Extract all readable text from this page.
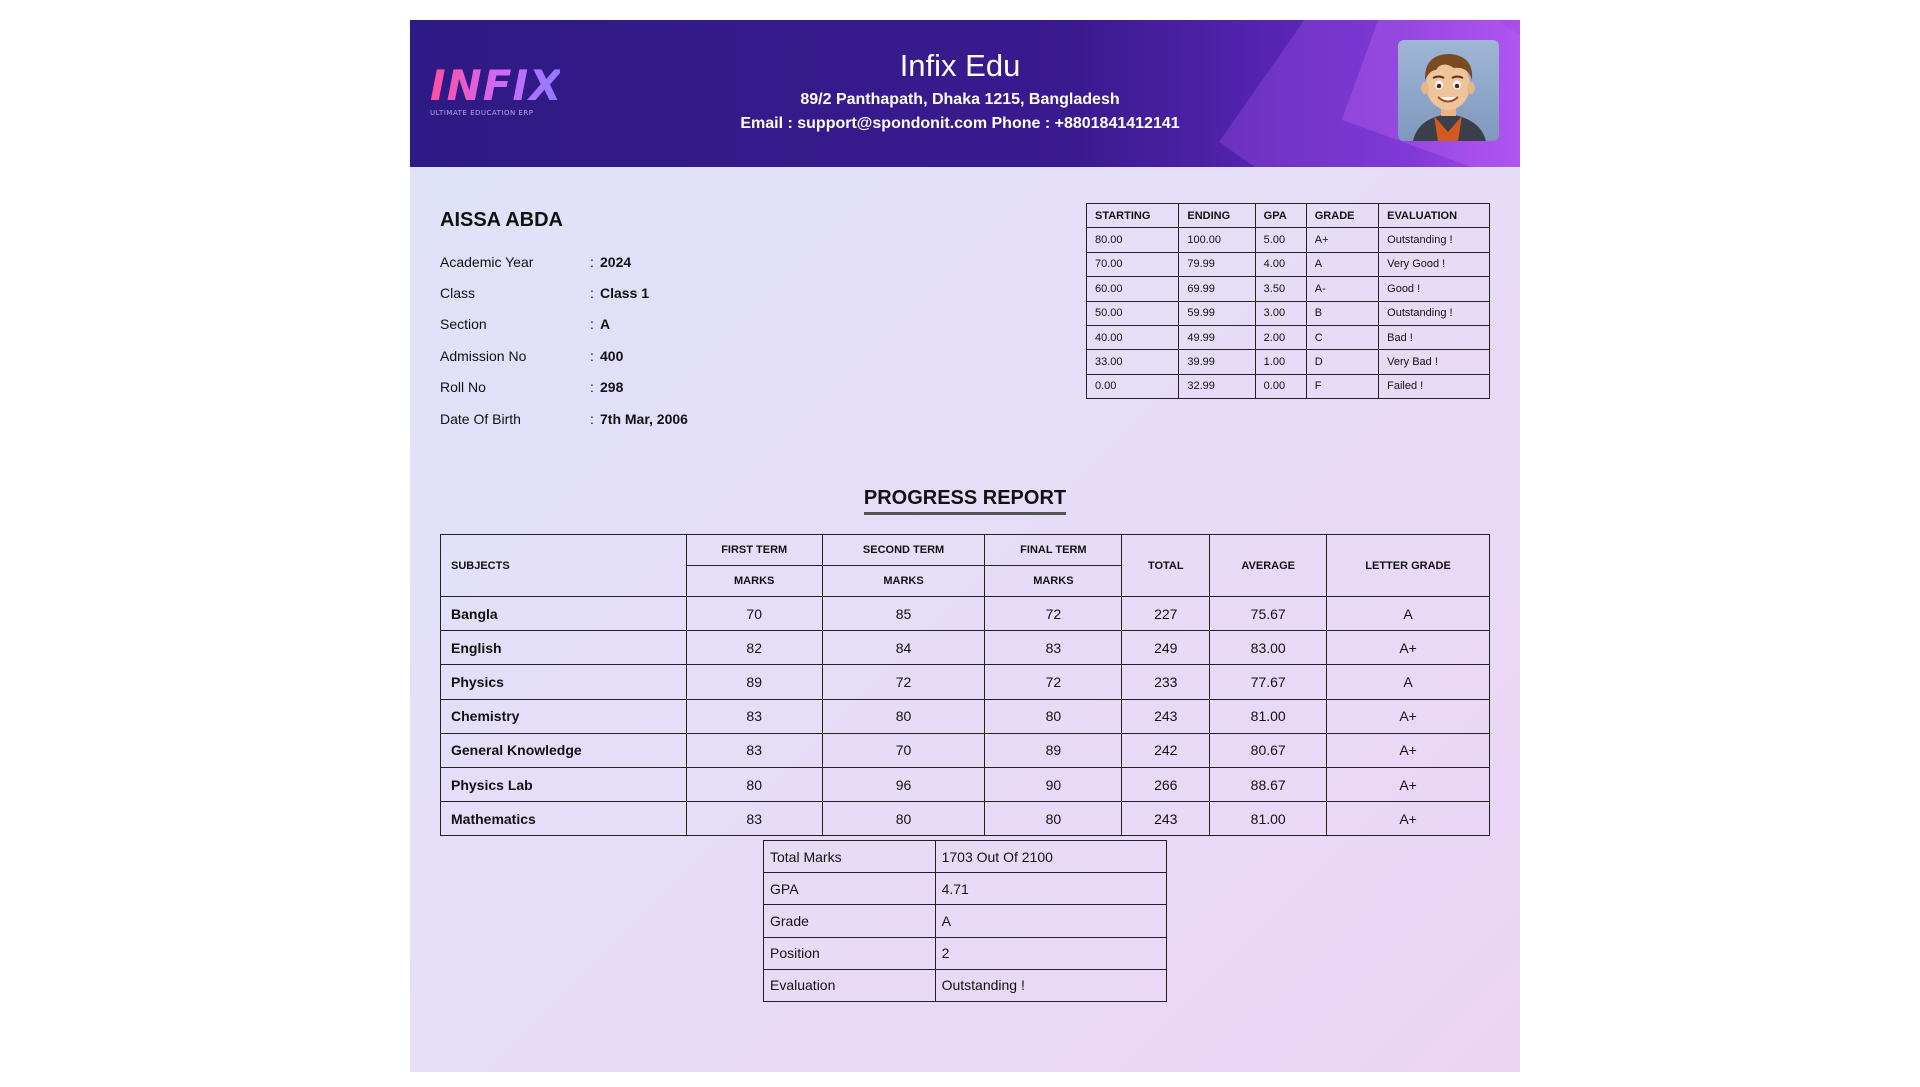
INFIX
ULTIMATE EDUCATION ERP
Infix Edu
89/2 Panthapath, Dhaka 1215, Bangladesh
Email : support@spondonit.com Phone : +8801841412141
AISSA ABDA
Academic Year	: 2024
Class	: Class 1
Section	: A
Admission No	: 400
Roll No	: 298
Date Of Birth	: 7th Mar, 2006
STARTING	ENDING	GPA	GRADE	EVALUATION
80.00	100.00	5.00	A+	Outstanding !
70.00	79.99	4.00	A	Very Good !
60.00	69.99	3.50	A-	Good !
50.00	59.99	3.00	B	Outstanding !
40.00	49.99	2.00	C	Bad !
33.00	39.99	1.00	D	Very Bad !
0.00	32.99	0.00	F	Failed !
PROGRESS REPORT
SUBJECTS	FIRST TERM	SECOND TERM	FINAL TERM	TOTAL	AVERAGE	LETTER GRADE
	MARKS	MARKS	MARKS			
Bangla	70	85	72	227	75.67	A
English	82	84	83	249	83.00	A+
Physics	89	72	72	233	77.67	A
Chemistry	83	80	80	243	81.00	A+
General Knowledge	83	70	89	242	80.67	A+
Physics Lab	80	96	90	266	88.67	A+
Mathematics	83	80	80	243	81.00	A+
Total Marks	1703 Out Of 2100
GPA	4.71
Grade	A
Position	2
Evaluation	Outstanding !
